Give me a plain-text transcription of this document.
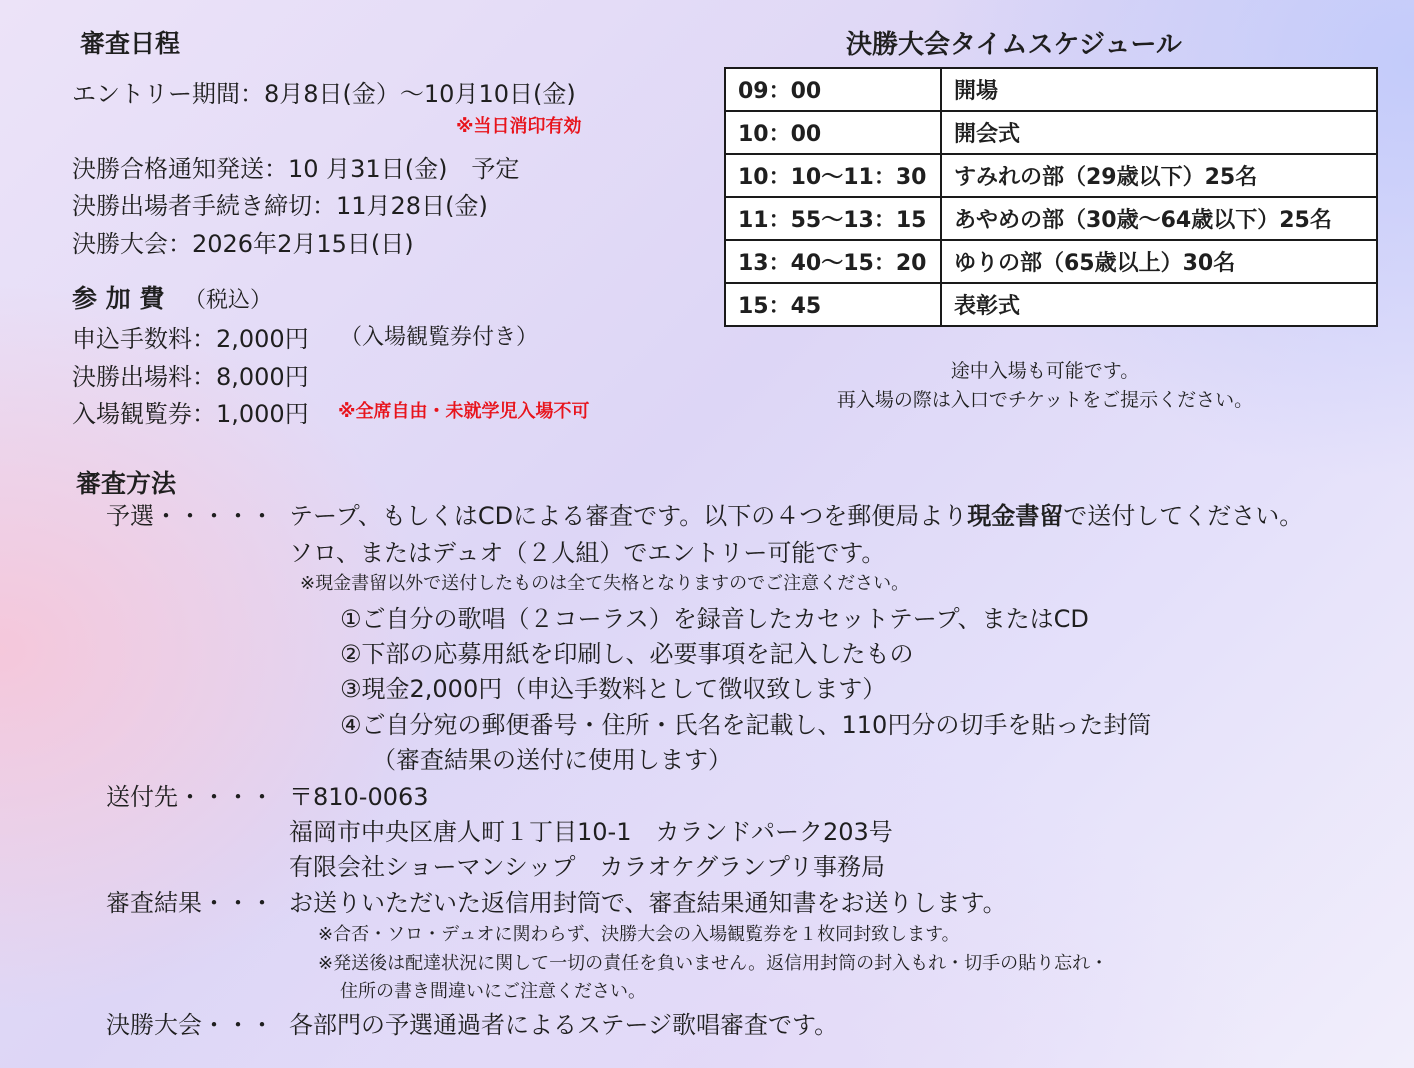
審査日程
エントリー期間：8月8日(金）〜10月10日(金)
※当日消印有効
決勝合格通知発送：10 月31日(金)　予定
決勝出場者手続き締切：11月28日(金)
決勝大会：2026年2月15日(日)
参 加 費 （税込）
申込手数料：2,000円 （入場観覧券付き）
決勝出場料：8,000円
入場観覧券：1,000円 ※全席自由・未就学児入場不可
決勝大会タイムスケジュール
09：00	開場
10：00	開会式
10：10〜11：30	すみれの部（29歳以下）25名
11：55〜13：15	あやめの部（30歳〜64歳以下）25名
13：40〜15：20	ゆりの部（65歳以上）30名
15：45	表彰式
途中入場も可能です。
再入場の際は入口でチケットをご提示ください。
審査方法
予選・・・・・ テープ、もしくはCDによる審査です。以下の４つを郵便局より現金書留で送付してください。
ソロ、またはデュオ（２人組）でエントリー可能です。
※現金書留以外で送付したものは全て失格となりますのでご注意ください。
①ご自分の歌唱（２コーラス）を録音したカセットテープ、またはCD
②下部の応募用紙を印刷し、必要事項を記入したもの
③現金2,000円（申込手数料として徴収致します）
④ご自分宛の郵便番号・住所・氏名を記載し、110円分の切手を貼った封筒
（審査結果の送付に使用します）
送付先・・・・ 〒810-0063
福岡市中央区唐人町１丁目10-1　カランドパーク203号
有限会社ショーマンシップ　カラオケグランプリ事務局
審査結果・・・ お送りいただいた返信用封筒で、審査結果通知書をお送りします。
※合否・ソロ・デュオに関わらず、決勝大会の入場観覧券を１枚同封致します。
※発送後は配達状況に関して一切の責任を負いません。返信用封筒の封入もれ・切手の貼り忘れ・
住所の書き間違いにご注意ください。
決勝大会・・・ 各部門の予選通過者によるステージ歌唱審査です。
